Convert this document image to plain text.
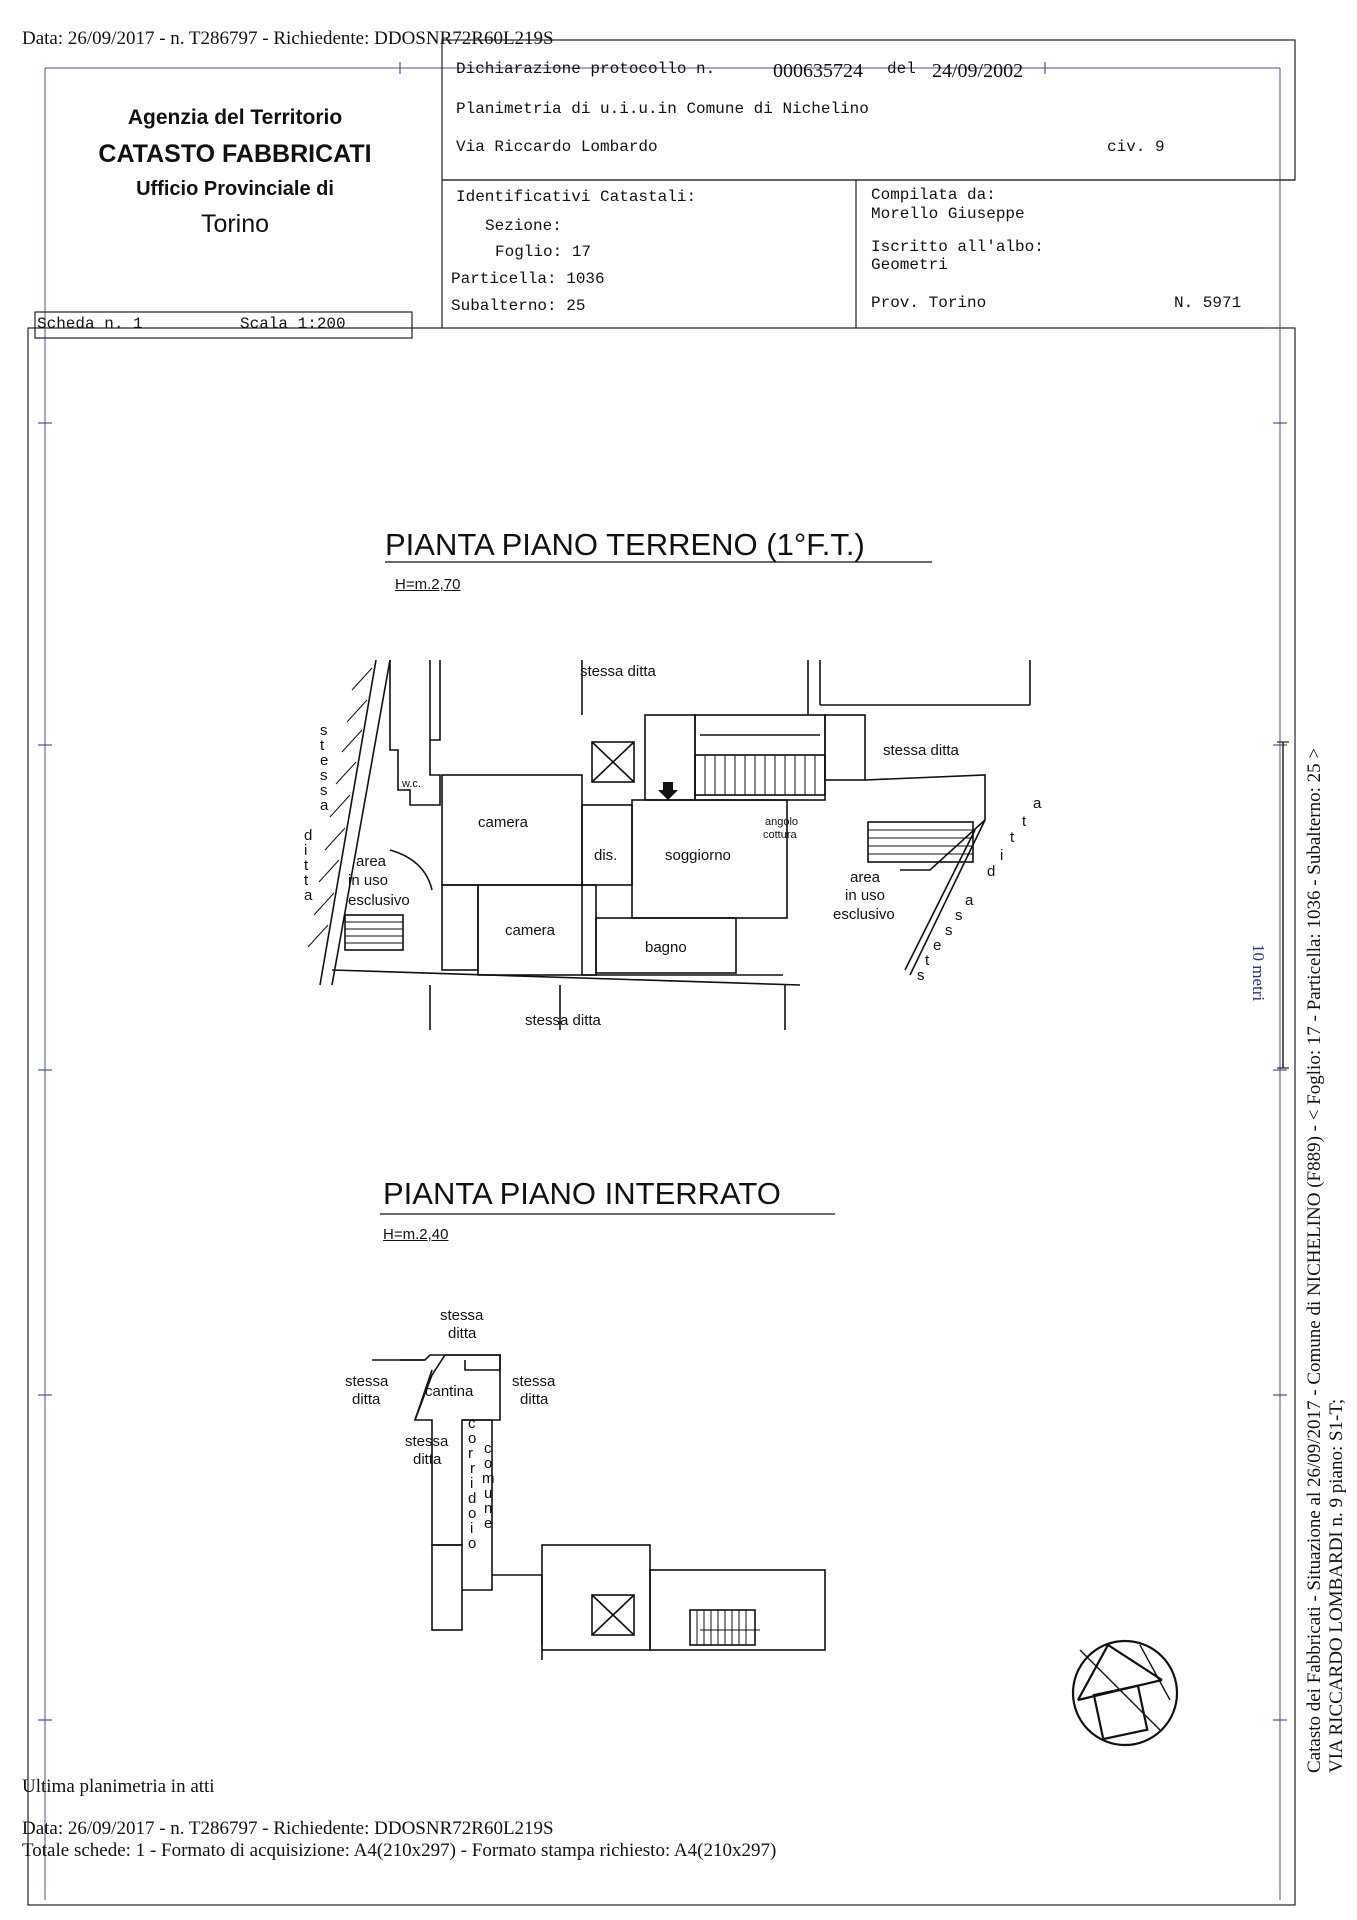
Data: 26/09/2017 - n. T286797 - Richiedente: DDOSNR72R60L219S
Agenzia del Territorio
CATASTO FABBRICATI
Ufficio Provinciale di
Torino
Dichiarazione protocollo n.	000635724 del 24/09/2002
Planimetria di u.i.u.in Comune di Nichelino
Via Riccardo Lombardo	civ. 9
Identificativi Catastali:
Sezione:
Foglio: 17
Particella: 1036
Subalterno: 25
Compilata da:
Morello Giuseppe
Iscritto all'albo:
Geometri
Prov. Torino	N. 5971
Scheda n. 1	Scala 1:200
PIANTA PIANO TERRENO (1°F.T.)
H=m.2,70
stessa ditta
stessa ditta
stessa ditta
camera
camera
dis.	soggiorno
angolo
cottura
bagno
w.c.
area
in uso
esclusivo
area
in uso
esclusivo
s
t
e
s
s
a
d
i
t
t
a
a
t
t
i
d
a
s
s
e
t
s
PIANTA PIANO INTERRATO
H=m.2,40
stessa
ditta
stessa
ditta
stessa
ditta
stessa
ditta
cantina
c
o
r
r
i
d
o
i
o
c
o
m
u
n
e
10 metri Catasto dei Fabbricati - Situazione al 26/09/2017 - Comune di NICHELINO (F889) - < Foglio: 17 - Particella: 1036 - Subalterno: 25 > VIA RICCARDO LOMBARDI n. 9 piano: S1-T;
Ultima planimetria in atti
Data: 26/09/2017 - n. T286797 - Richiedente: DDOSNR72R60L219S
Totale schede: 1 - Formato di acquisizione: A4(210x297) - Formato stampa richiesto: A4(210x297)
